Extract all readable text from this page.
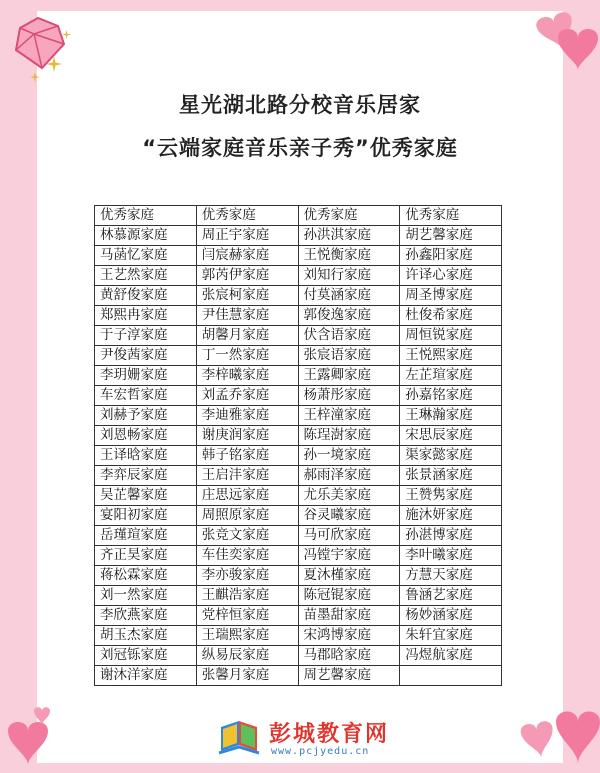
星光湖北路分校音乐居家
“云端家庭音乐亲子秀”优秀家庭
优秀家庭	优秀家庭	优秀家庭	优秀家庭
林慕源家庭	周正宇家庭	孙洪淇家庭	胡艺馨家庭
马菡忆家庭	闫宸赫家庭	王悦衡家庭	孙鑫阳家庭
王艺然家庭	郭芮伊家庭	刘知行家庭	许译心家庭
黄舒俊家庭	张宸柯家庭	付莫涵家庭	周圣博家庭
郑熙冉家庭	尹佳慧家庭	郭俊逸家庭	杜俊希家庭
于子淳家庭	胡馨月家庭	伏含语家庭	周恒锐家庭
尹俊茜家庭	丁一然家庭	张宸语家庭	王悦熙家庭
李玥姗家庭	李梓曦家庭	王露卿家庭	左芷瑄家庭
车宏哲家庭	刘孟乔家庭	杨萧彤家庭	孙嘉铭家庭
刘赫予家庭	李迪雅家庭	王梓潼家庭	王琳瀚家庭
刘恩畅家庭	谢庚润家庭	陈珵澍家庭	宋思辰家庭
王译晗家庭	韩子铭家庭	孙一境家庭	渠家懿家庭
李弈辰家庭	王启沣家庭	郝雨泽家庭	张景涵家庭
吴芷馨家庭	庄思远家庭	尤乐美家庭	王赞隽家庭
宴阳初家庭	周照原家庭	谷灵曦家庭	施沐妍家庭
岳瑾瑄家庭	张竞文家庭	马可欣家庭	孙湛博家庭
齐正昊家庭	车佳奕家庭	冯镗宇家庭	李叶曦家庭
蒋松霖家庭	李亦骏家庭	夏沐槿家庭	方慧天家庭
刘一然家庭	王麒浩家庭	陈冠锟家庭	鲁涵艺家庭
李欣燕家庭	党梓恒家庭	苗墨甜家庭	杨妙涵家庭
胡玉杰家庭	王瑞熙家庭	宋鸿博家庭	朱轩宜家庭
刘冠铄家庭	纵易辰家庭	马郡晗家庭	冯煜航家庭
谢沐洋家庭	张馨月家庭	周艺馨家庭	
彭城教育网
www.pcjyedu.cn
